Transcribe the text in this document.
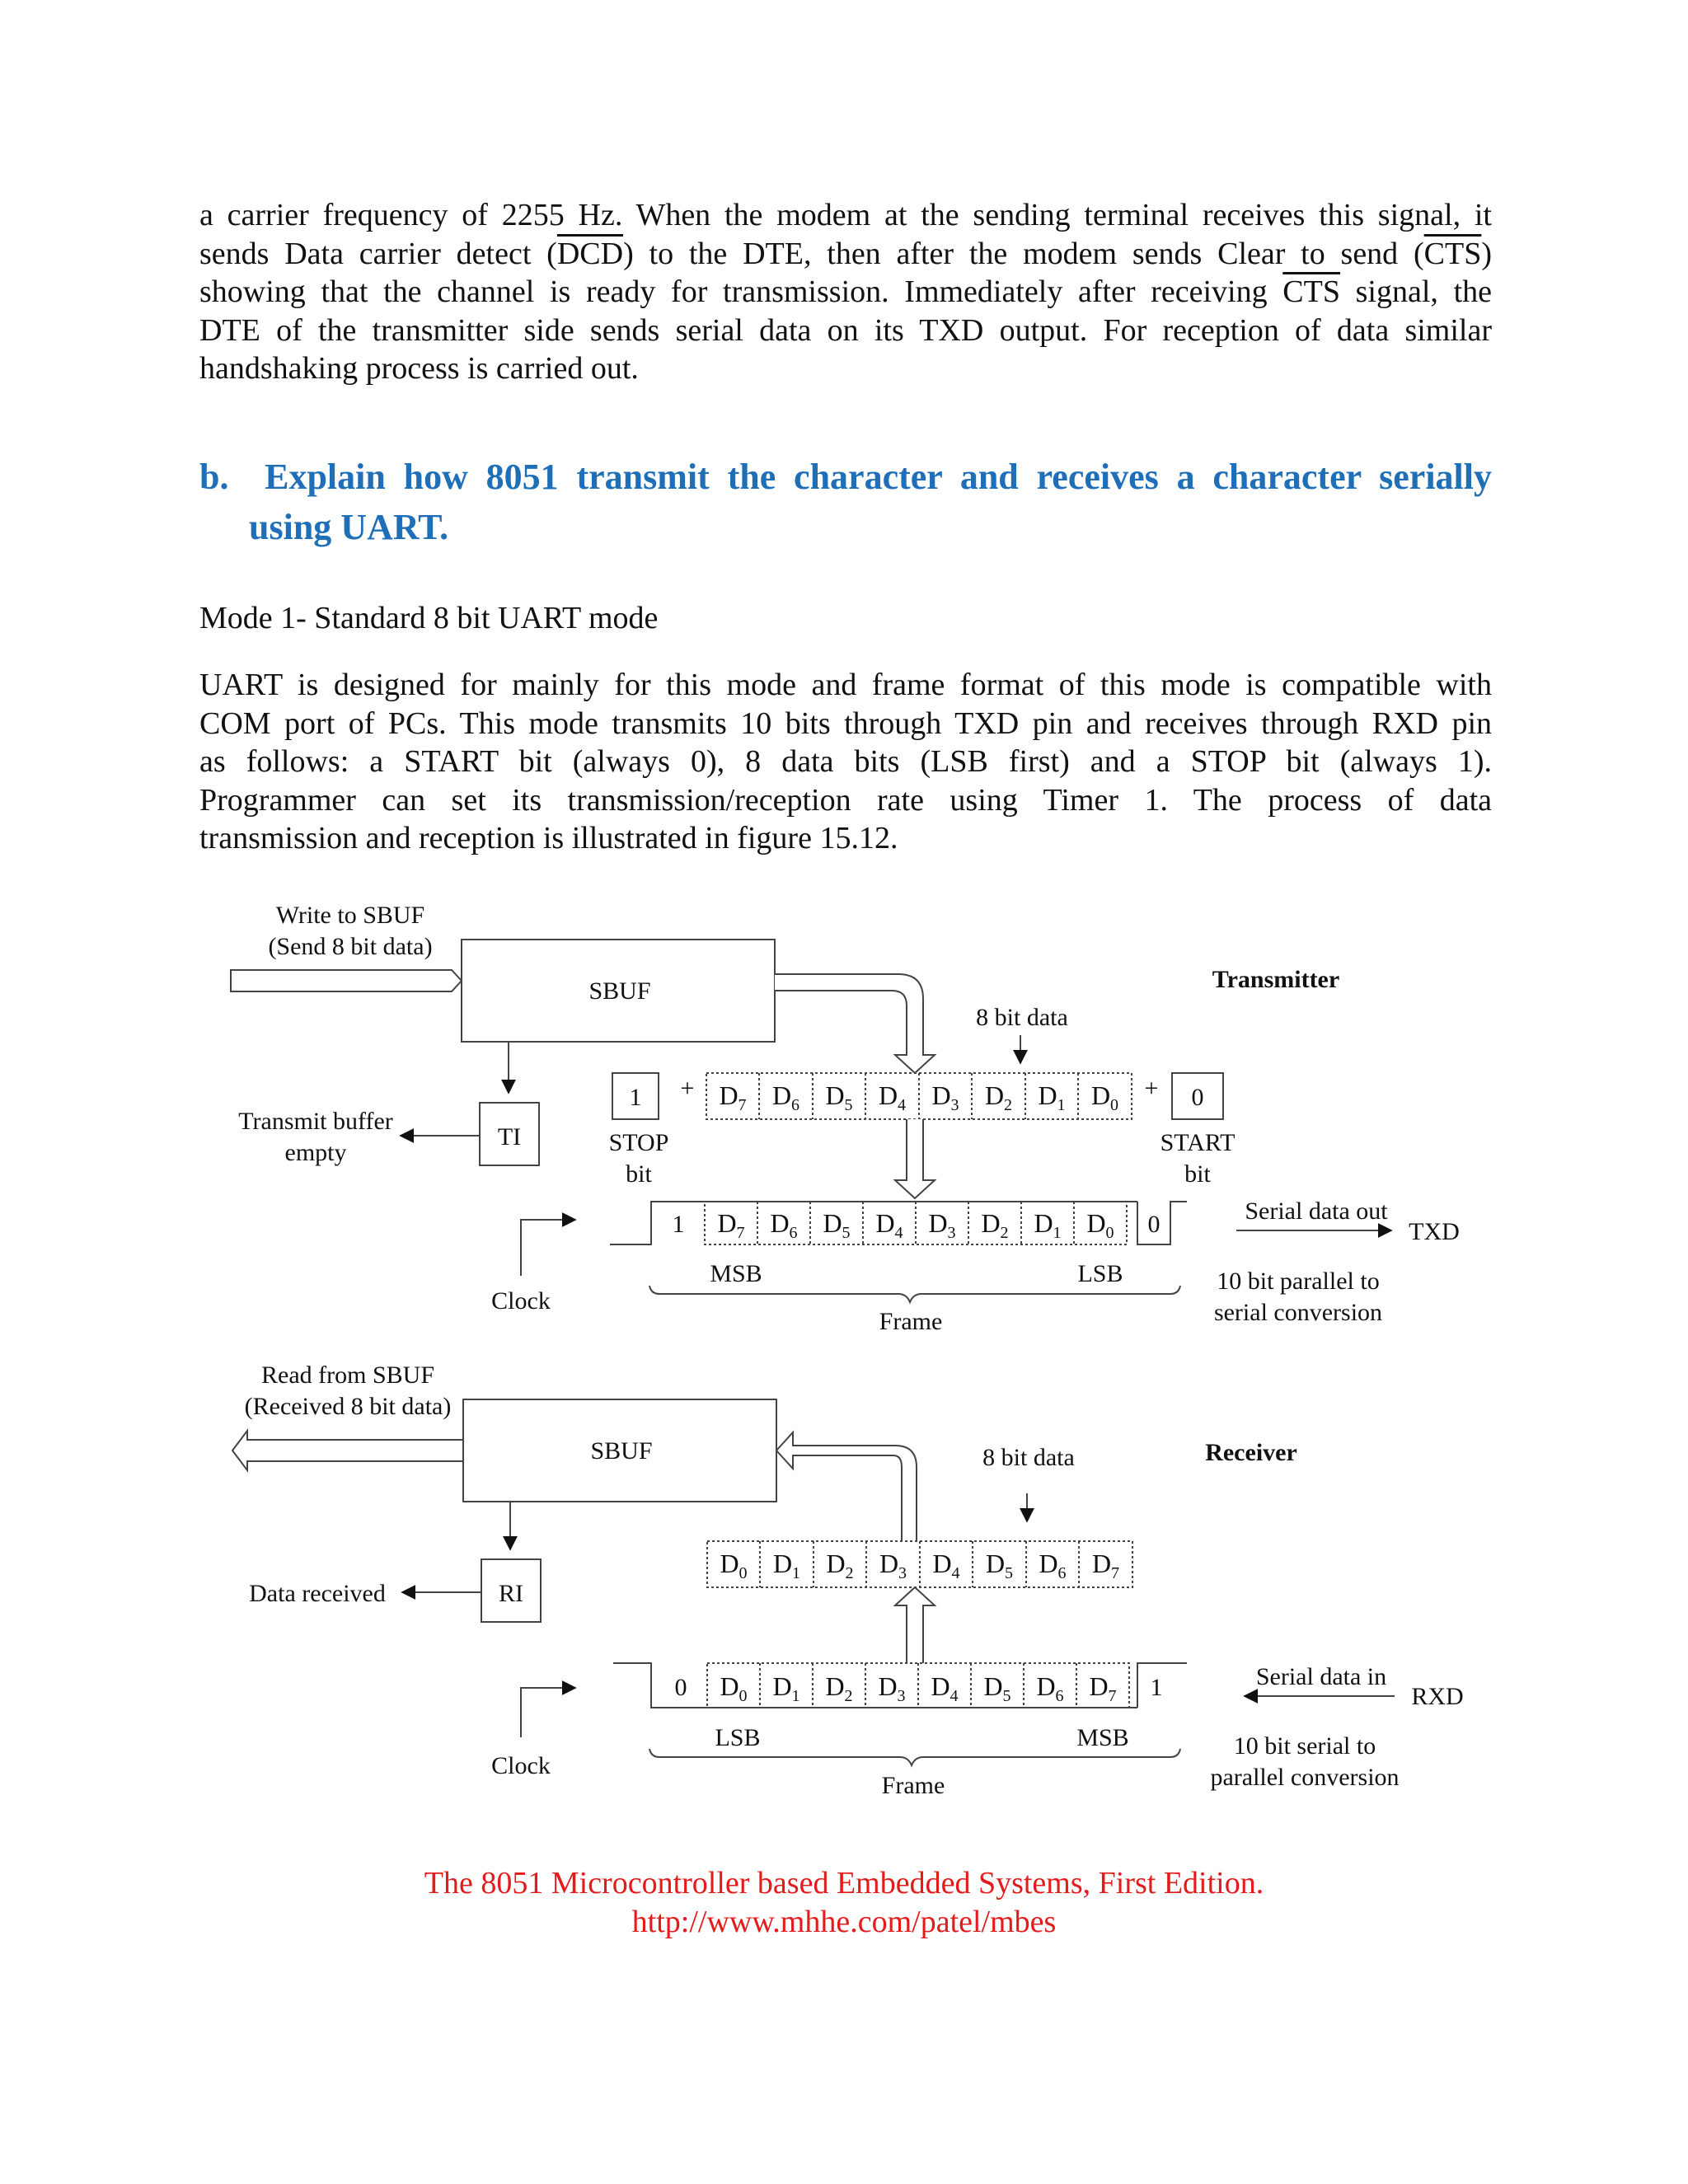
a carrier frequency of 2255 Hz. When the modem at the sending terminal receives this signal, it
sends Data carrier detect $(\overline{DCD})$ to the DTE, then after the modem sends Clear to send $(\overline{CTS})$
showing that the channel is ready for transmission. Immediately after receiving $\overline{CTS}$ signal, the
DTE of the transmitter side sends serial data on its TXD output. For reception of data similar
handshaking process is carried out.
b. Explain how 8051 transmit the character and receives a character serially
using UART.
Mode 1- Standard 8 bit UART mode
UART is designed for mainly for this mode and frame format of this mode is compatible with
COM port of PCs. This mode transmits 10 bits through TXD pin and receives through RXD pin
as follows: a START bit (always 0), 8 data bits (LSB first) and a STOP bit (always 1).
Programmer can set its transmission/reception rate using Timer 1. The process of data
transmission and reception is illustrated in figure 15.12.
Write to SBUF
(Send 8 bit data)
SBUF	Transmitter
8 bit data
1 +	+ 0
$D_7$ $D_6$ $D_5$ $D_4$ $D_3$ $D_2$ $D_1$ $D_0$
STOP
bit
START
bit
TI
Transmit buffer
empty
1 $D_7$ $D_6$ $D_5$ $D_4$ $D_3$ $D_2$ $D_1$ $D_0$ 0
MSB	LSB
Frame
Clock
Serial data out
TXD
10 bit parallel to
serial conversion
Read from SBUF
(Received 8 bit data)
SBUF	Receiver
8 bit data
$D_0$ $D_1$ $D_2$ $D_3$ $D_4$ $D_5$ $D_6$ $D_7$
RI
Data received
0 $D_0$ $D_1$ $D_2$ $D_3$ $D_4$ $D_5$ $D_6$ $D_7$ 1
LSB	MSB
Frame
Clock
Serial data in
RXD
10 bit serial to
parallel conversion
The 8051 Microcontroller based Embedded Systems, First Edition.
http://www.mhhe.com/patel/mbes
